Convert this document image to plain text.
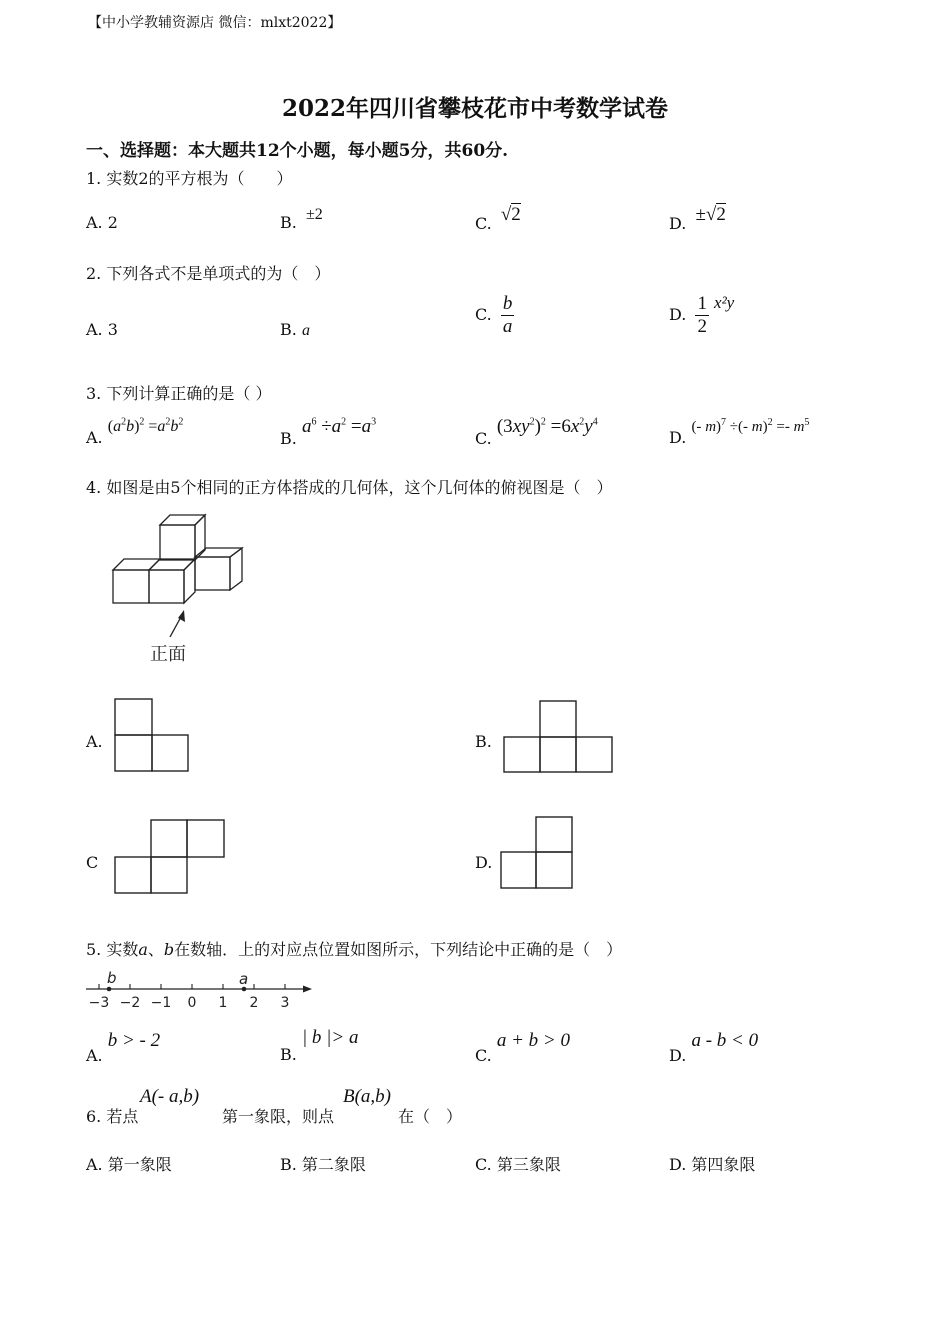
【中小学教辅资源店 微信：mlxt2022】
2022年四川省攀枝花市中考数学试卷
一、选择题：本大题共12个小题，每小题5分，共60分.
1. 实数2的平方根为（　　）
A. 2	B. ±2	C. √2	D. ±√2
2. 下列各式不是单项式的为（　）
A. 3	B. a
C. $\frac{b}{a}$	D. $\frac{1}{2} x^2y$
3. 下列计算正确的是（ ）
A. $(a^2b)^2 =a^2b^2$
B. $a^6 \div a^2 =a^3$
C. $(3xy^2)^2 =6x^2y^4$
D. (- m)$^7$ ÷(- $m)^2 =- m^5$
4. 如图是由5个相同的正方体搭成的几何体，这个几何体的俯视图是（　）
正面
A.	B.
C	D.
5. 实数a、b在数轴．上的对应点位置如图所示，下列结论中正确的是（　）
−3 −2 −1 0 1 2 3
b	a
A. b > - 2
B. | b |> a
C. a + b > 0
D. a - b < 0
6. 若点
A(- a,b)
第一象限，则点
B(a,b)
在（　）
A. 第一象限	B. 第二象限	C. 第三象限	D. 第四象限
